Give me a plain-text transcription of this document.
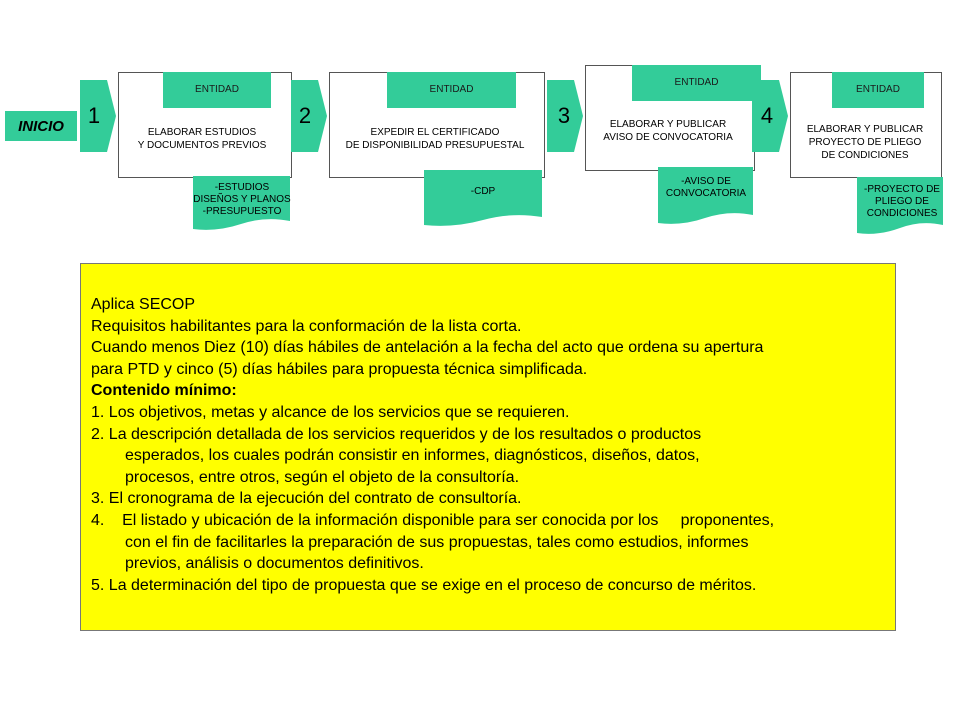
INICIO
ENTIDAD
ELABORAR ESTUDIOS
Y DOCUMENTOS PREVIOS
1
-ESTUDIOS
DISEÑOS Y PLANOS
-PRESUPUESTO
ENTIDAD
EXPEDIR EL CERTIFICADO
DE DISPONIBILIDAD PRESUPUESTAL
2
-CDP
ENTIDAD
ELABORAR Y PUBLICAR
AVISO DE CONVOCATORIA
3
-AVISO DE
CONVOCATORIA
ENTIDAD
ELABORAR Y PUBLICAR
PROYECTO DE PLIEGO
DE CONDICIONES
4
-PROYECTO DE
PLIEGO DE
CONDICIONES
Aplica SECOP
Requisitos habilitantes para la conformación de la lista corta.
Cuando menos Diez (10) días hábiles de antelación a la fecha del acto que ordena su apertura
para PTD y cinco (5) días hábiles para propuesta técnica simplificada.
Contenido mínimo:
1. Los objetivos, metas y alcance de los servicios que se requieren.
2. La descripción detallada de los servicios requeridos y de los resultados o productos
esperados, los cuales podrán consistir en informes, diagnósticos, diseños, datos,
procesos, entre otros, según el objeto de la consultoría.
3. El cronograma de la ejecución del contrato de consultoría.
4.    El listado y ubicación de la información disponible para ser conocida por los     proponentes,
con el fin de facilitarles la preparación de sus propuestas, tales como estudios, informes
previos, análisis o documentos definitivos.
5. La determinación del tipo de propuesta que se exige en el proceso de concurso de méritos.
